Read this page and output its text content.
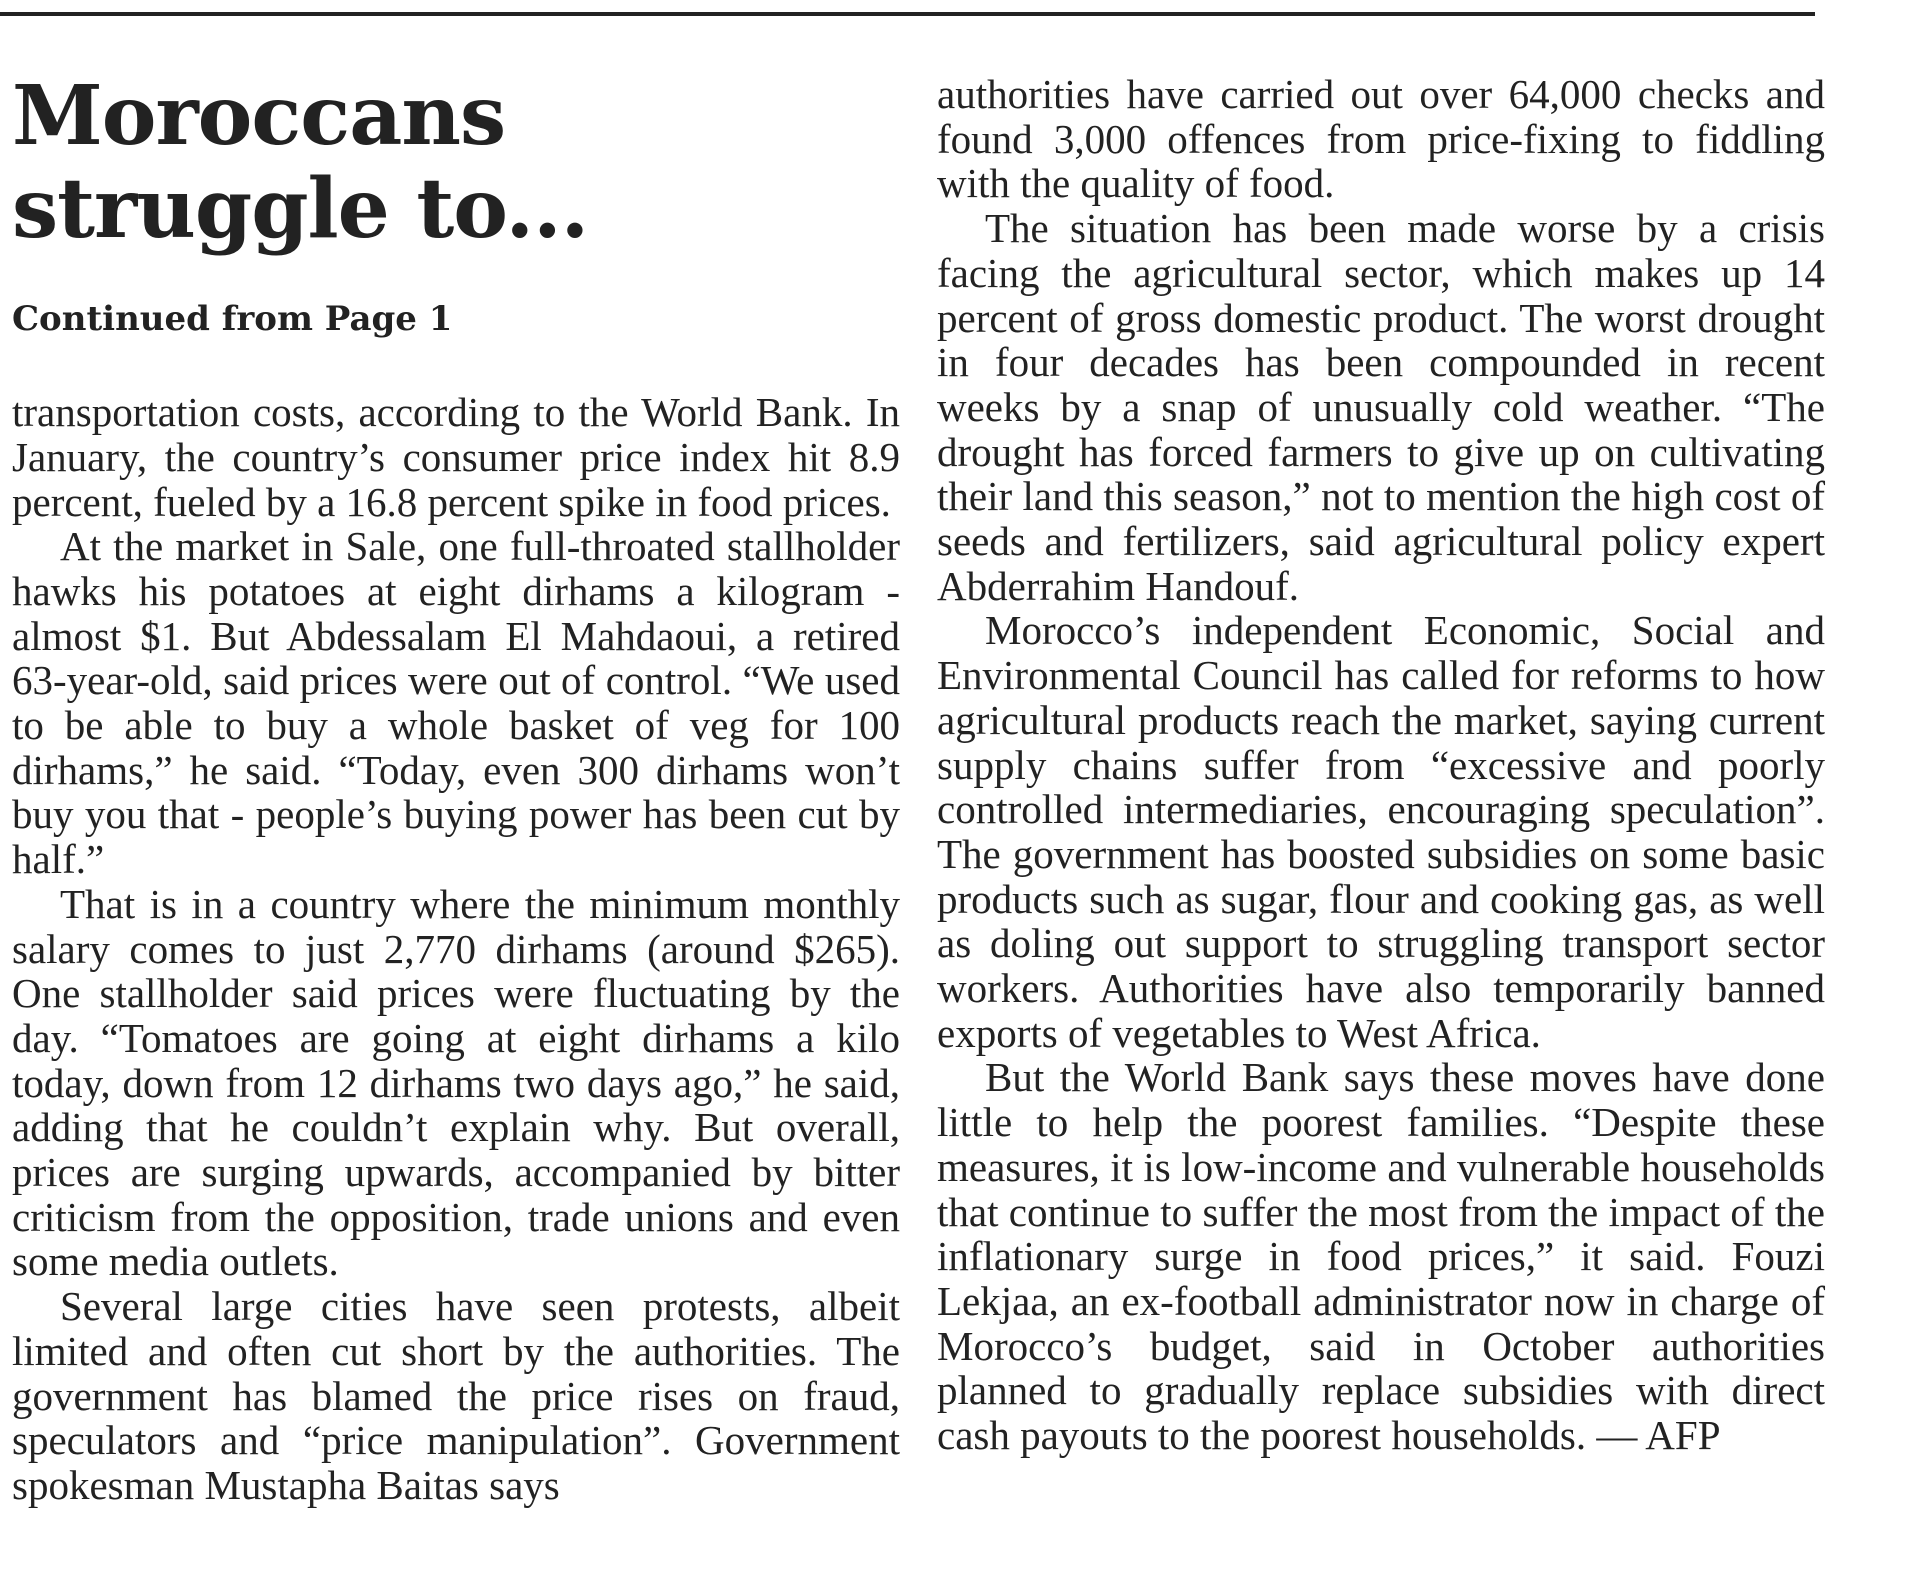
Moroccans struggle to...
Continued from Page 1

transportation costs, according to the World Bank. In January, the country’s consumer price index hit 8.9 percent, fueled by a 16.8 percent spike in food prices.

At the market in Sale, one full-throated stallholder hawks his potatoes at eight dirhams a kilogram - almost $1. But Abdessalam El Mahdaoui, a retired 63-year-old, said prices were out of control. “We used to be able to buy a whole basket of veg for 100 dirhams,” he said. “Today, even 300 dirhams won’t buy you that - people’s buying power has been cut by half.”

That is in a country where the minimum monthly salary comes to just 2,770 dirhams (around $265). One stallholder said prices were fluctuating by the day. “Tomatoes are going at eight dirhams a kilo today, down from 12 dirhams two days ago,” he said, adding that he couldn’t explain why. But overall, prices are surging upwards, accompanied by bitter criticism from the opposition, trade unions and even some media outlets.

Several large cities have seen protests, albeit limited and often cut short by the authorities. The government has blamed the price rises on fraud, speculators and “price manipulation”. Government spokesman Mustapha Baitas says

authorities have carried out over 64,000 checks and found 3,000 offences from price-fixing to fiddling with the quality of food.

The situation has been made worse by a crisis facing the agricultural sector, which makes up 14 percent of gross domestic product. The worst drought in four decades has been compounded in recent weeks by a snap of unusually cold weather. “The drought has forced farmers to give up on cultivating their land this season,” not to mention the high cost of seeds and fertilizers, said agricultural policy expert Abderrahim Handouf.

Morocco’s independent Economic, Social and Environmental Council has called for reforms to how agricultural products reach the market, saying current supply chains suffer from “excessive and poorly controlled intermediaries, encouraging speculation”. The government has boosted subsidies on some basic products such as sugar, flour and cooking gas, as well as doling out support to struggling transport sector workers. Authorities have also temporarily banned exports of vegetables to West Africa.

But the World Bank says these moves have done little to help the poorest families. “Despite these measures, it is low-income and vulnerable households that continue to suffer the most from the impact of the inflationary surge in food prices,” it said. Fouzi Lekjaa, an ex-football administrator now in charge of Morocco’s budget, said in October authorities planned to gradually replace subsidies with direct cash payouts to the poorest households. — AFP
